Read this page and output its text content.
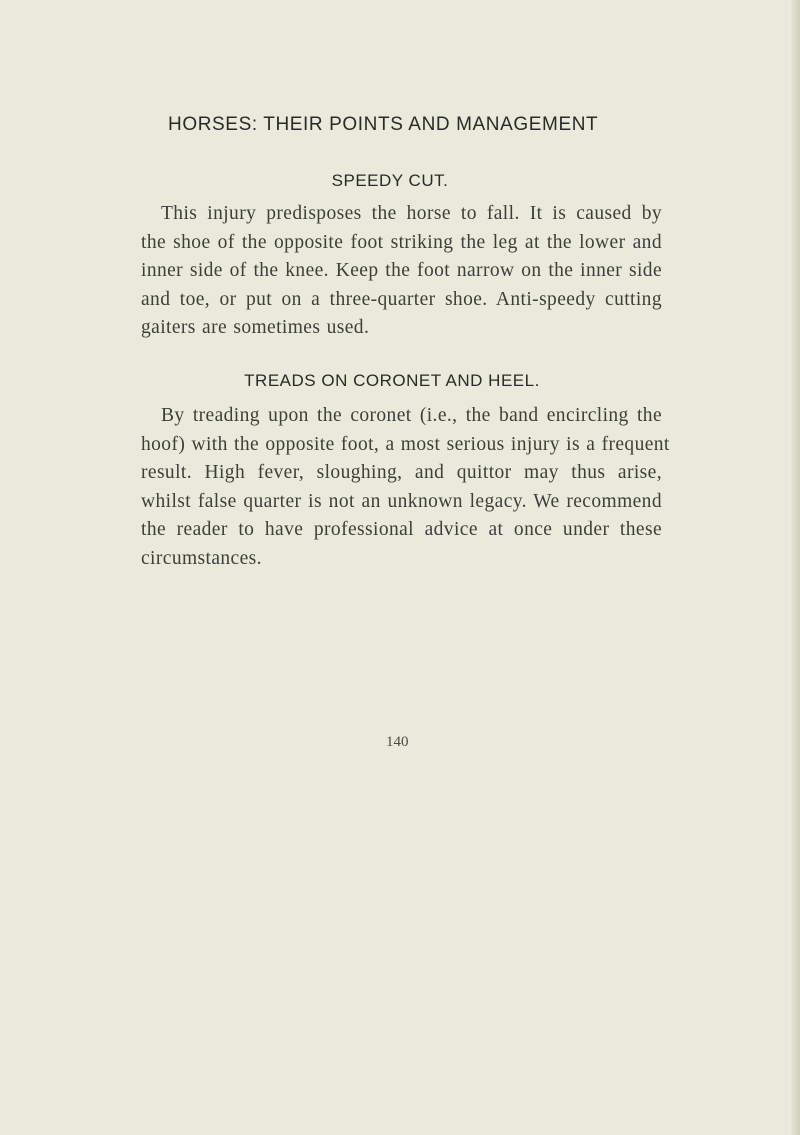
HORSES: THEIR POINTS AND MANAGEMENT
SPEEDY CUT.
This injury predisposes the horse to fall. It is caused by
the shoe of the opposite foot striking the leg at the lower and
inner side of the knee. Keep the foot narrow on the inner side
and toe, or put on a three-quarter shoe. Anti-speedy cutting
gaiters are sometimes used.
TREADS ON CORONET AND HEEL.
By treading upon the coronet (i.e., the band encircling the
hoof) with the opposite foot, a most serious injury is a frequent
result. High fever, sloughing, and quittor may thus arise,
whilst false quarter is not an unknown legacy. We recommend
the reader to have professional advice at once under these
circumstances.
140
